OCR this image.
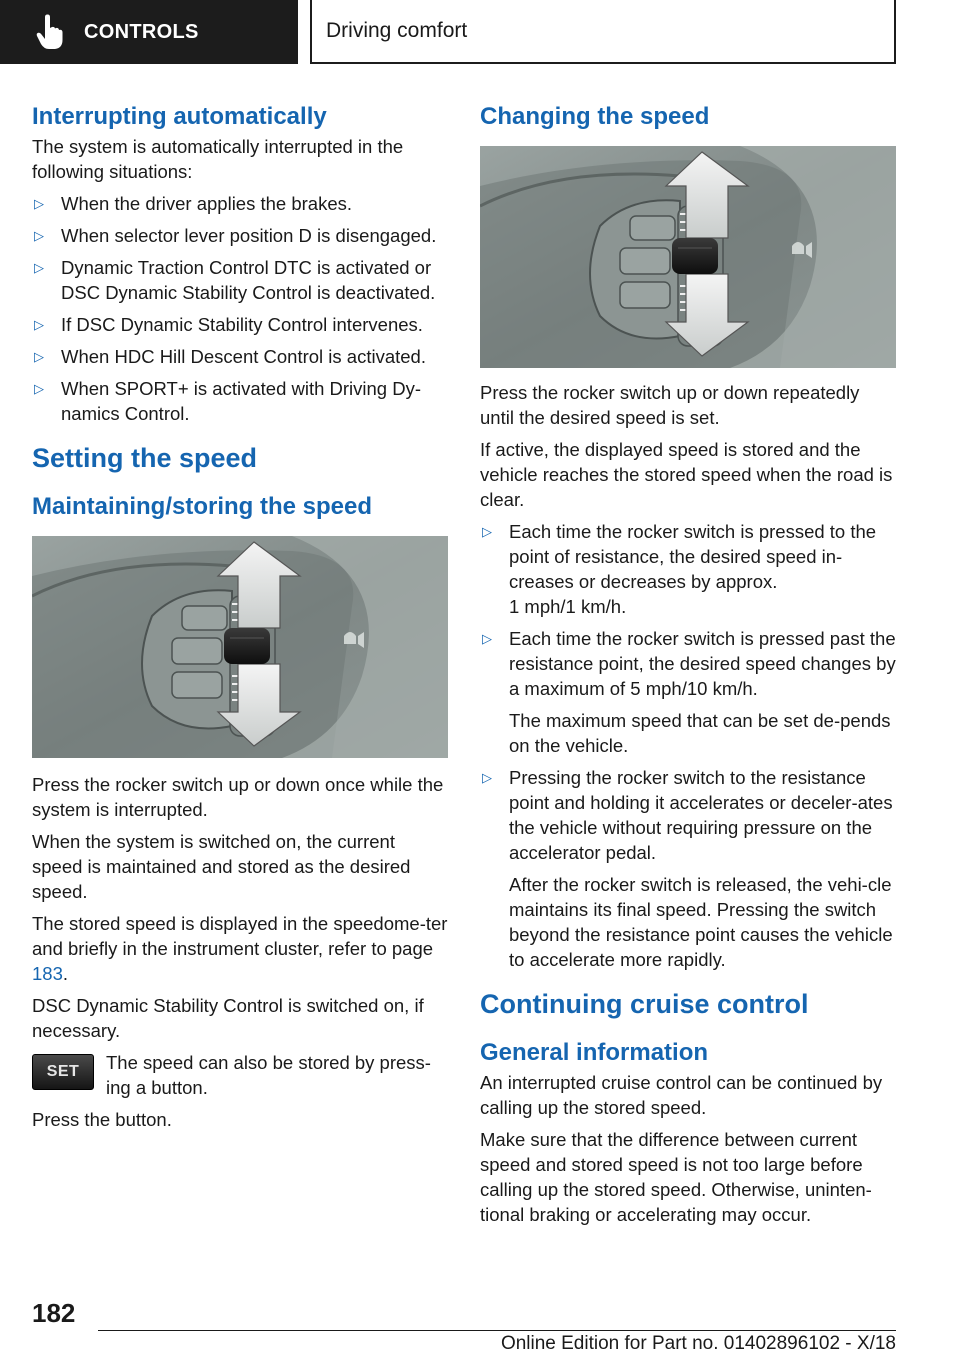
CONTROLS	Driving comfort
Interrupting automatically

The system is automatically interrupted in the following situations:

▷ When the driver applies the brakes.
▷ When selector lever position D is disengaged.
▷ Dynamic Traction Control DTC is activated or DSC Dynamic Stability Control is deactivated.
▷ If DSC Dynamic Stability Control intervenes.
▷ When HDC Hill Descent Control is activated.
▷ When SPORT+ is activated with Driving Dy-namics Control.
Setting the speed
Maintaining/storing the speed

Press the rocker switch up or down once while the system is interrupted.

When the system is switched on, the current speed is maintained and stored as the desired speed.

The stored speed is displayed in the speedome-ter and briefly in the instrument cluster, refer to page 183.

DSC Dynamic Stability Control is switched on, if necessary.

SET	The speed can also be stored by press-ing a button.

Press the button.

Changing the speed

Press the rocker switch up or down repeatedly until the desired speed is set.

If active, the displayed speed is stored and the vehicle reaches the stored speed when the road is clear.

▷ Each time the rocker switch is pressed to the point of resistance, the desired speed in-creases or decreases by approx.
1 mph/1 km/h.
▷ Each time the rocker switch is pressed past the resistance point, the desired speed changes by a maximum of 5 mph/10 km/h.

The maximum speed that can be set de-pends on the vehicle.

▷ Pressing the rocker switch to the resistance point and holding it accelerates or deceler-ates the vehicle without requiring pressure on the accelerator pedal.

After the rocker switch is released, the vehi-cle maintains its final speed. Pressing the switch beyond the resistance point causes the vehicle to accelerate more rapidly.

Continuing cruise control
General information

An interrupted cruise control can be continued by calling up the stored speed.

Make sure that the difference between current speed and stored speed is not too large before calling up the stored speed. Otherwise, uninten-tional braking or accelerating may occur.

182
Online Edition for Part no. 01402896102 - X/18
